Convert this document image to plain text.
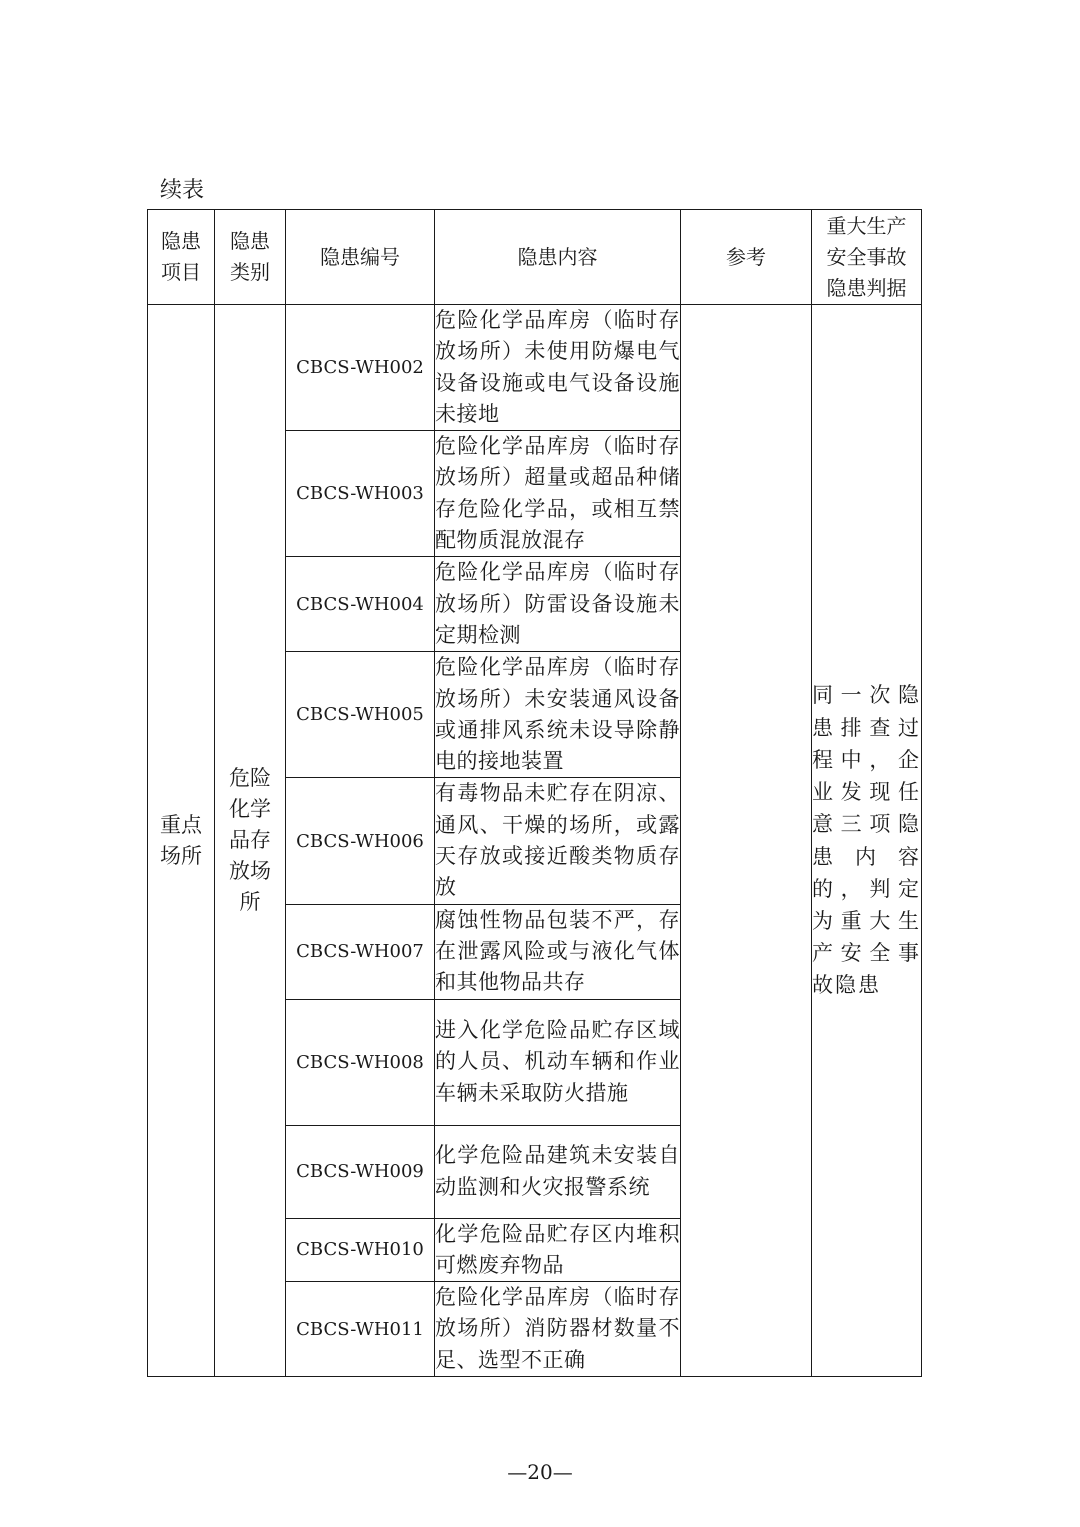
续表
隐患项目	隐患类别	隐患编号	隐患内容	参考	重大生产安全事故隐患判据

重点场所	危险化学品存放场所	CBCS-WH002	危险化学品库房（临时存放场所）未使用防爆电气设备设施或电气设备设施未接地		同一次隐患排查过程中，企业发现任意三项隐患内容的，判定为重大生产安全事故隐患
		CBCS-WH003	危险化学品库房（临时存放场所）超量或超品种储存危险化学品，或相互禁配物质混放混存		
		CBCS-WH004	危险化学品库房（临时存放场所）防雷设备设施未定期检测		
		CBCS-WH005	危险化学品库房（临时存放场所）未安装通风设备或通排风系统未设导除静电的接地装置		
		CBCS-WH006	有毒物品未贮存在阴凉、通风、干燥的场所，或露天存放或接近酸类物质存放		
		CBCS-WH007	腐蚀性物品包装不严，存在泄露风险或与液化气体和其他物品共存		
		CBCS-WH008	进入化学危险品贮存区域的人员、机动车辆和作业车辆未采取防火措施		
		CBCS-WH009	化学危险品建筑未安装自动监测和火灾报警系统		
		CBCS-WH010	化学危险品贮存区内堆积可燃废弃物品		
		CBCS-WH011	危险化学品库房（临时存放场所）消防器材数量不足、选型不正确		
—20—
